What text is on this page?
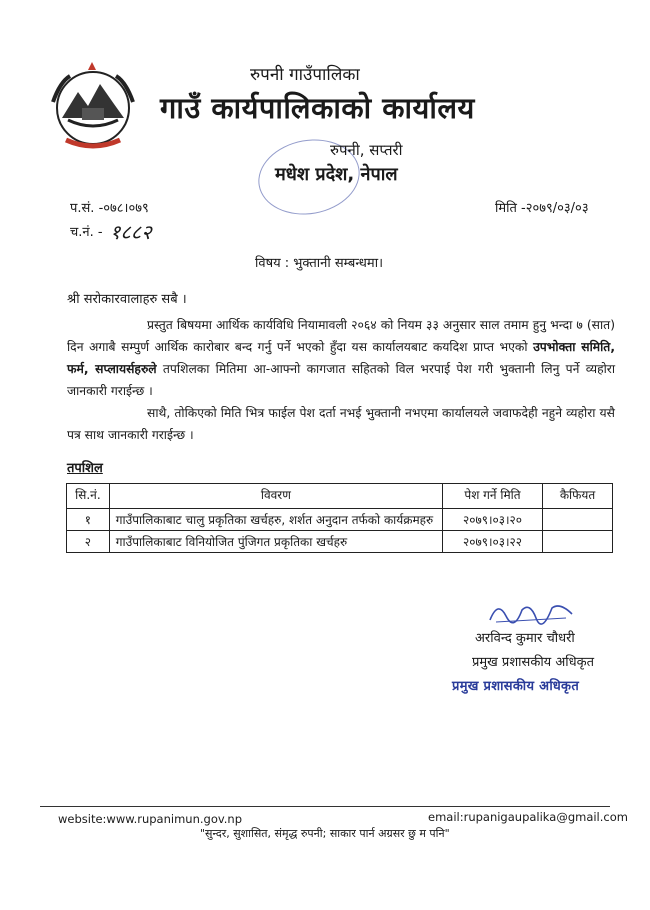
रुपनी गाउँपालिका
गाउँ कार्यपालिकाको कार्यालय
रुपनी, सप्तरी
मधेश प्रदेश, नेपाल
प.सं. -०७८।०७९
च.नं. - १८८२
मिति -२०७९/०३/०३
विषय : भुक्तानी सम्बन्धमा।
श्री सरोकारवालाहरु सबै ।
प्रस्तुत बिषयमा आर्थिक कार्यविधि नियामावली २०६४ को नियम ३३ अनुसार साल तमाम हुनु भन्दा ७ (सात) दिन अगाबै सम्पुर्ण आर्थिक कारोबार बन्द गर्नु पर्ने भएको हुँदा यस कार्यालयबाट कयदिश प्राप्त भएको उपभोक्ता समिति, फर्म, सप्लायर्सहरुले तपशिलका मितिमा आ-आफ्नो कागजात सहितको विल भरपाई पेश गरी भुक्तानी लिनु पर्ने व्यहोरा जानकारी गराईन्छ ।
साथै, तोकिएको मिति भित्र फाईल पेश दर्ता नभई भुक्तानी नभएमा कार्यालयले जवाफदेही नहुने व्यहोरा यसै पत्र साथ जानकारी गराईन्छ ।
तपशिल
सि.नं.	विवरण	पेश गर्ने मिति	कैफियत
१	गाउँपालिकाबाट चालु प्रकृतिका खर्चहरु, शर्शत अनुदान तर्फको कार्यक्रमहरु	२०७९।०३।२०	
२	गाउँपालिकाबाट विनियोजित पुंजिगत प्रकृतिका खर्चहरु	२०७९।०३।२२	
अरविन्द कुमार चौधरी
प्रमुख प्रशासकीय अधिकृत
प्रमुख प्रशासकीय अधिकृत
website:www.rupanimun.gov.np	email:rupanigaupalika@gmail.com
"सुन्दर, सुशासित, संमृद्ध रुपनी; साकार पार्न अग्रसर छु म पनि"
